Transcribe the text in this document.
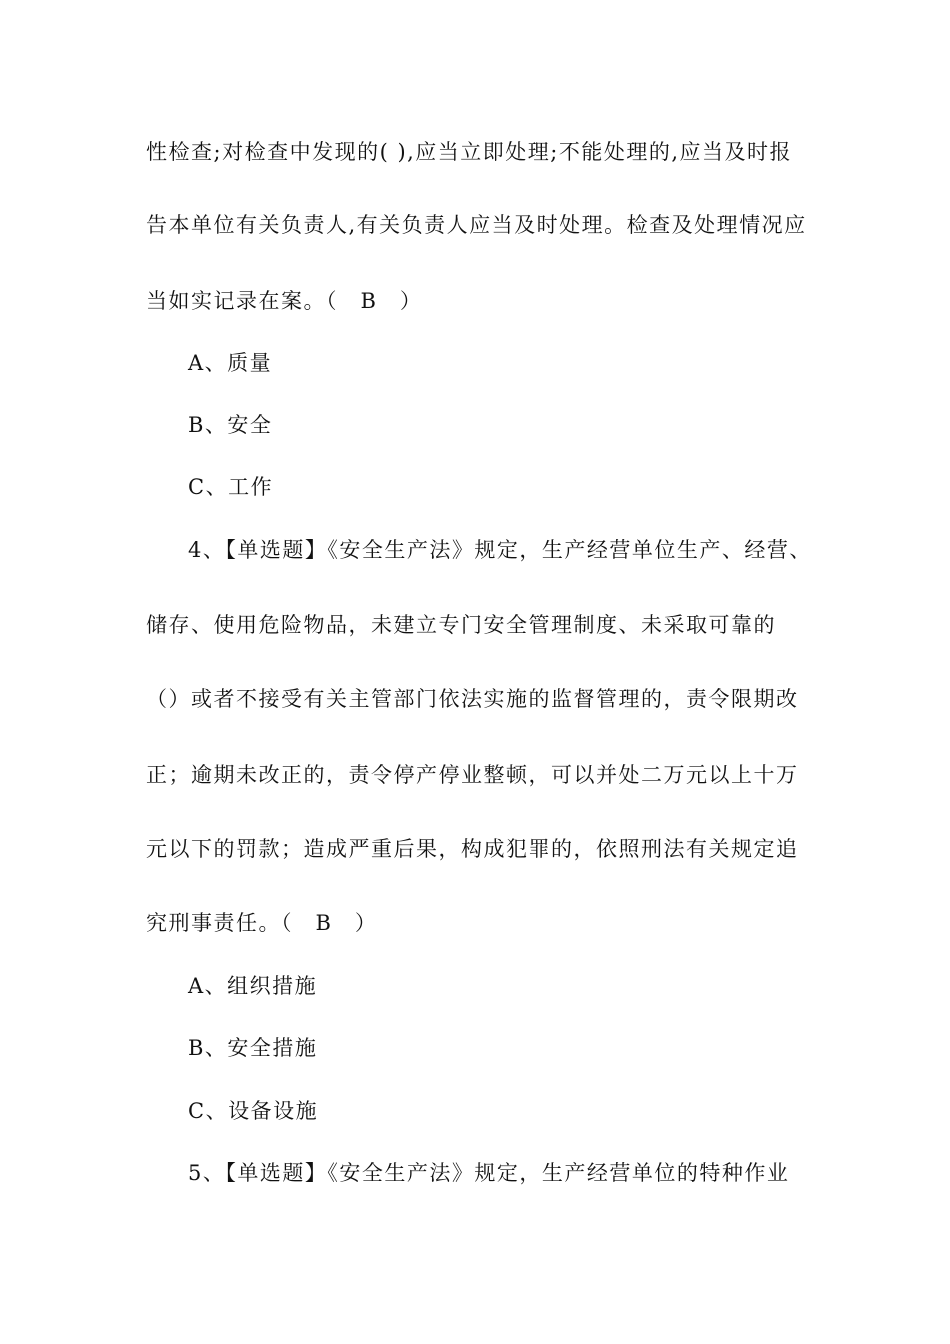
性检查;对检查中发现的( ),应当立即处理;不能处理的,应当及时报
告本单位有关负责人,有关负责人应当及时处理。检查及处理情况应
当如实记录在案。（　B　）
A、质量
B、安全
C、工作
4、【单选题】《安全生产法》规定，生产经营单位生产、经营、
储存、使用危险物品，未建立专门安全管理制度、未采取可靠的
（）或者不接受有关主管部门依法实施的监督管理的，责令限期改
正；逾期未改正的，责令停产停业整顿，可以并处二万元以上十万
元以下的罚款；造成严重后果，构成犯罪的，依照刑法有关规定追
究刑事责任。（　B　）
A、组织措施
B、安全措施
C、设备设施
5、【单选题】《安全生产法》规定，生产经营单位的特种作业
